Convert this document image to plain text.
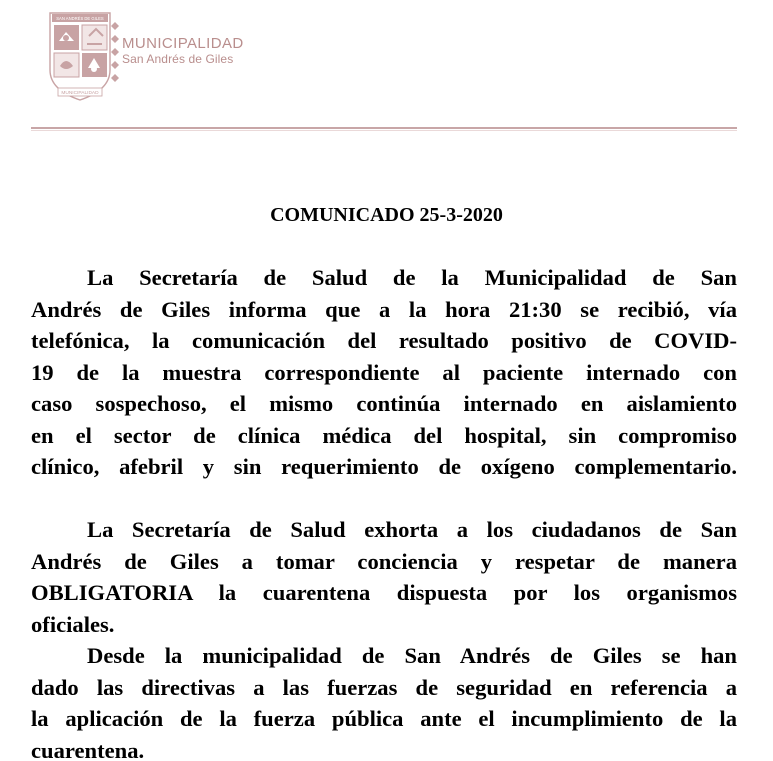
SAN ANDRÉS DE GILES
MUNICIPALIDAD
MUNICIPALIDAD
San Andrés de Giles
COMUNICADO 25-3-2020
La Secretaría de Salud de la Municipalidad de San
Andrés de Giles informa que a la hora 21:30 se recibió, vía
telefónica, la comunicación del resultado positivo de COVID-
19 de la muestra correspondiente al paciente internado con
caso sospechoso, el mismo continúa internado en aislamiento
en el sector de clínica médica del hospital, sin compromiso
clínico, afebril y sin requerimiento de oxígeno complementario.
La Secretaría de Salud exhorta a los ciudadanos de San
Andrés de Giles a tomar conciencia y respetar de manera
OBLIGATORIA la cuarentena dispuesta por los organismos
oficiales.
Desde la municipalidad de San Andrés de Giles se han
dado las directivas a las fuerzas de seguridad en referencia a
la aplicación de la fuerza pública ante el incumplimiento de la
cuarentena.
